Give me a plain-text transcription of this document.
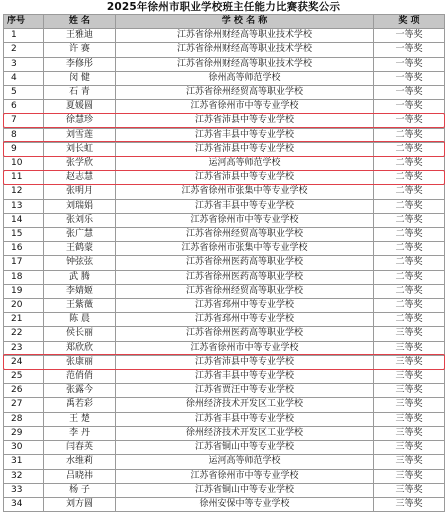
2025年徐州市职业学校班主任能力比赛获奖公示
序号	姓 名	学 校 名 称	奖 项
1	王雅迪	江苏省徐州财经高等职业技术学校	一等奖
2	许 赛	江苏省徐州财经高等职业技术学校	一等奖
3	李修彤	江苏省徐州财经高等职业技术学校	一等奖
4	闵 健	徐州高等师范学校	一等奖
5	石 青	江苏省徐州经贸高等职业学校	一等奖
6	夏媛圆	江苏省徐州市中等专业学校	一等奖
7	徐慧珍	江苏省沛县中等专业学校	一等奖
8	刘雪莲	江苏省丰县中等专业学校	二等奖
9	刘长虹	江苏省沛县中等专业学校	二等奖
10	张学欣	运河高等师范学校	二等奖
11	赵志慧	江苏省沛县中等专业学校	二等奖
12	张明月	江苏省徐州市张集中等专业学校	二等奖
13	刘瑞娟	江苏省丰县中等专业学校	二等奖
14	张刘乐	江苏省徐州市中等专业学校	二等奖
15	张广慧	江苏省徐州经贸高等职业学校	二等奖
16	王鹤蒙	江苏省徐州市张集中等专业学校	二等奖
17	钟弦弦	江苏省徐州医药高等职业学校	二等奖
18	武 腾	江苏省徐州医药高等职业学校	二等奖
19	李婧姬	江苏省徐州经贸高等职业学校	二等奖
20	王紫薇	江苏省邳州中等专业学校	二等奖
21	陈 晨	江苏省邳州中等专业学校	二等奖
22	侯长丽	江苏省徐州医药高等职业学校	三等奖
23	郑欣欣	江苏省徐州市中等专业学校	三等奖
24	张康丽	江苏省沛县中等专业学校	三等奖
25	范俏俏	江苏省丰县中等专业学校	三等奖
26	张露今	江苏省贾汪中等专业学校	三等奖
27	禹若彩	徐州经济技术开发区工业学校	三等奖
28	王 楚	江苏省丰县中等专业学校	三等奖
29	李 丹	徐州经济技术开发区工业学校	三等奖
30	闫春英	江苏省铜山中等专业学校	三等奖
31	水维莉	运河高等师范学校	三等奖
32	吕晓祎	江苏省徐州市中等专业学校	三等奖
33	杨 子	江苏省铜山中等专业学校	三等奖
34	刘方圆	徐州安保中等专业学校	三等奖
